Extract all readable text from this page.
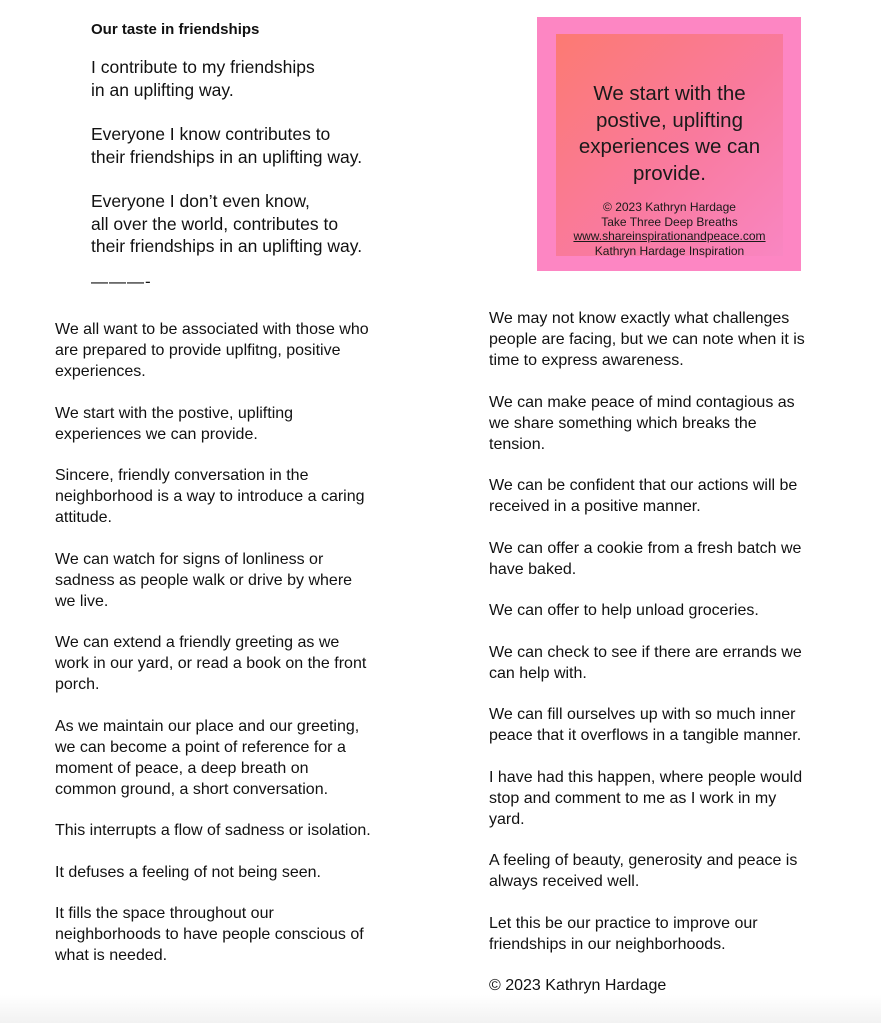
Our taste in friendships

I contribute to my friendships
in an uplifting way.

Everyone I know contributes to
their friendships in an uplifting way.

Everyone I don’t even know,
all over the world, contributes to
their friendships in an uplifting way.

———-
We start with the
postive, uplifting
experiences we can
provide.
© 2023 Kathryn Hardage
Take Three Deep Breaths
www.shareinspirationandpeace.com
Kathryn Hardage Inspiration

We all want to be associated with those who
are prepared to provide uplfitng, positive
experiences.

We start with the postive, uplifting
experiences we can provide.

Sincere, friendly conversation in the
neighborhood is a way to introduce a caring
attitude.

We can watch for signs of lonliness or
sadness as people walk or drive by where
we live.

We can extend a friendly greeting as we
work in our yard, or read a book on the front
porch.

As we maintain our place and our greeting,
we can become a point of reference for a
moment of peace, a deep breath on
common ground, a short conversation.

This interrupts a flow of sadness or isolation.

It defuses a feeling of not being seen.

It fills the space throughout our
neighborhoods to have people conscious of
what is needed.

We may not know exactly what challenges
people are facing, but we can note when it is
time to express awareness.

We can make peace of mind contagious as
we share something which breaks the
tension.

We can be confident that our actions will be
received in a positive manner.

We can offer a cookie from a fresh batch we
have baked.

We can offer to help unload groceries.

We can check to see if there are errands we
can help with.

We can fill ourselves up with so much inner
peace that it overflows in a tangible manner.

I have had this happen, where people would
stop and comment to me as I work in my
yard.

A feeling of beauty, generosity and peace is
always received well.

Let this be our practice to improve our
friendships in our neighborhoods.

© 2023 Kathryn Hardage
